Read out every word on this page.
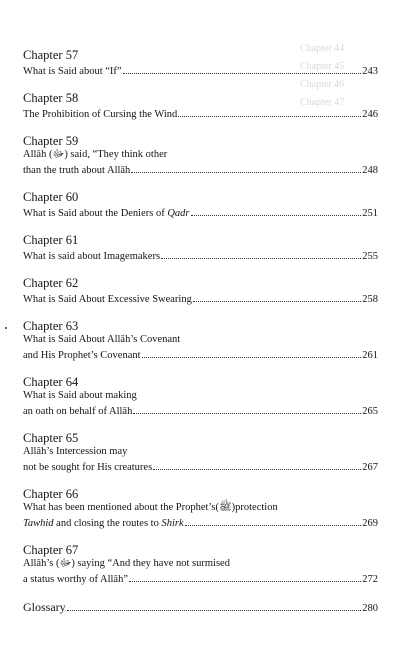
Chapter 44
Chapter 45
Chapter 46
Chapter 47
Chapter 57
What is Said about “If”	243
Chapter 58
The Prohibition of Cursing the Wind	246
Chapter 59
Allāh (ﷻ) said, “They think other
than the truth about Allāh	248
Chapter 60
What is Said about the Deniers of Qadr	251
Chapter 61
What is said about Imagemakers	255
Chapter 62
What is Said About Excessive Swearing	258
Chapter 63
What is Said About Allāh’s Covenant
and His Prophet’s Covenant	261
Chapter 64
What is Said about making
an oath on behalf of Allāh	265
Chapter 65
Allāh’s Intercession may
not be sought for His creatures	267
Chapter 66
What has been mentioned about the Prophet’s(ﷺ)protection
Tawhid and closing the routes to Shirk	269
Chapter 67
Allāh’s (ﷻ) saying “And they have not surmised
a status worthy of Allāh”	272
Glossary	280
